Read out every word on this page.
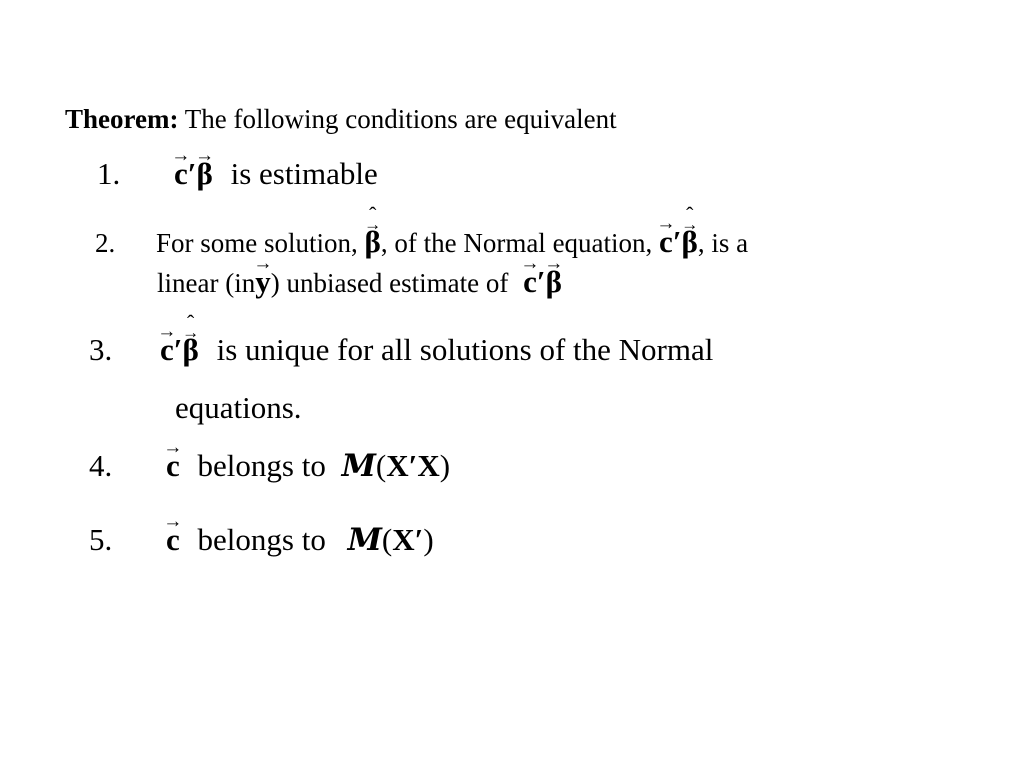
Theorem: The following conditions are equivalent
1. → c′→ β is estimable
2. For some solution, → β ˆ, of the Normal equation, → c′→ β ˆ, is a
linear (in→ y) unbiased estimate of → c′→ β
3. → c′→ β ˆ is unique for all solutions of the Normal
equations.
4. → c belongs to M(X′X)
5. → c belongs to M(X′)
